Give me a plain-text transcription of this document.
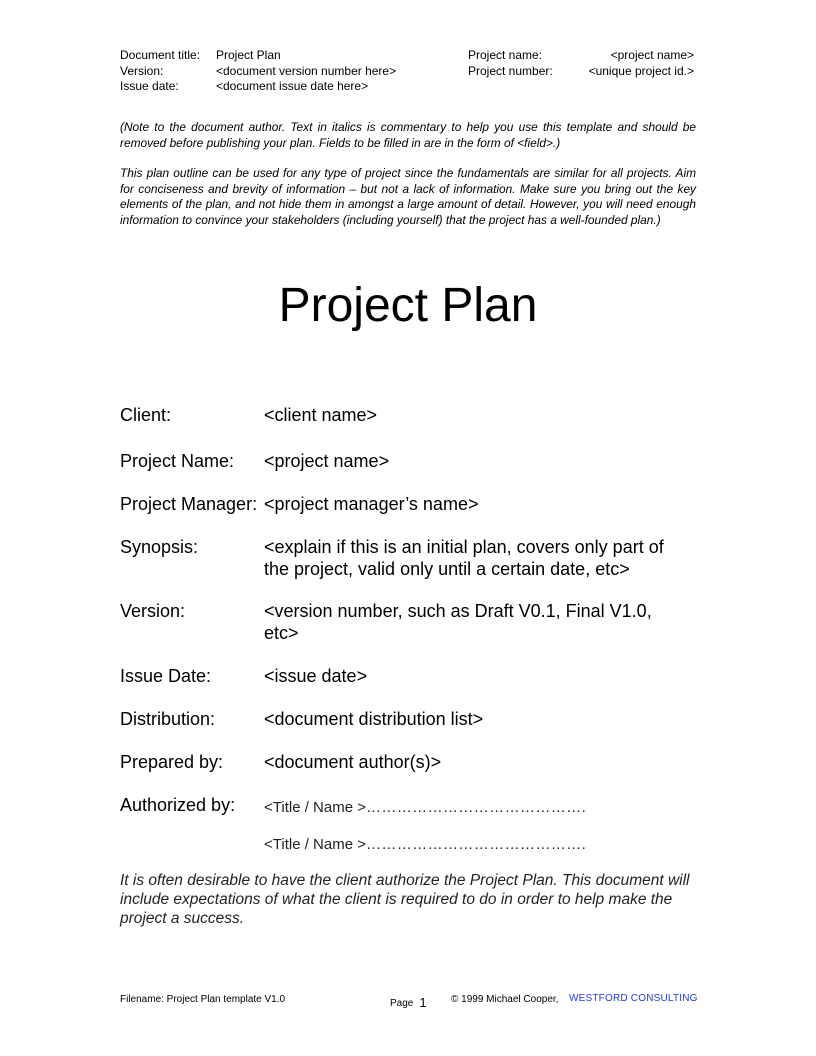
Document title: Project Plan	Project name:	<project name>
Version:	<document version number here>	Project number:	<unique project id.>
Issue date:	<document issue date here>
(Note to the document author. Text in italics is commentary to help you use this template and should be removed before publishing your plan. Fields to be filled in are in the form of <field>.)
This plan outline can be used for any type of project since the fundamentals are similar for all projects. Aim for conciseness and brevity of information – but not a lack of information. Make sure you bring out the key elements of the plan, and not hide them in amongst a large amount of detail. However, you will need enough information to convince your stakeholders (including yourself) that the project has a well-founded plan.)
Project Plan
Client:	<client name>
Project Name: <project name>
Project Manager: <project manager’s name>
Synopsis:	<explain if this is an initial plan, covers only part of the project, valid only until a certain date, etc>
Version:	<version number, such as Draft V0.1, Final V1.0, etc>
Issue Date:	<issue date>
Distribution:	<document distribution list>
Prepared by: <document author(s)>
Authorized by: <Title / Name >…………………………………….
<Title / Name >…………………………………….
It is often desirable to have the client authorize the Project Plan. This document will include expectations of what the client is required to do in order to help make the project a success.
Filename: Project Plan template V1.0	Page 1 © 1999 Michael Cooper, WESTFORD CONSULTING
